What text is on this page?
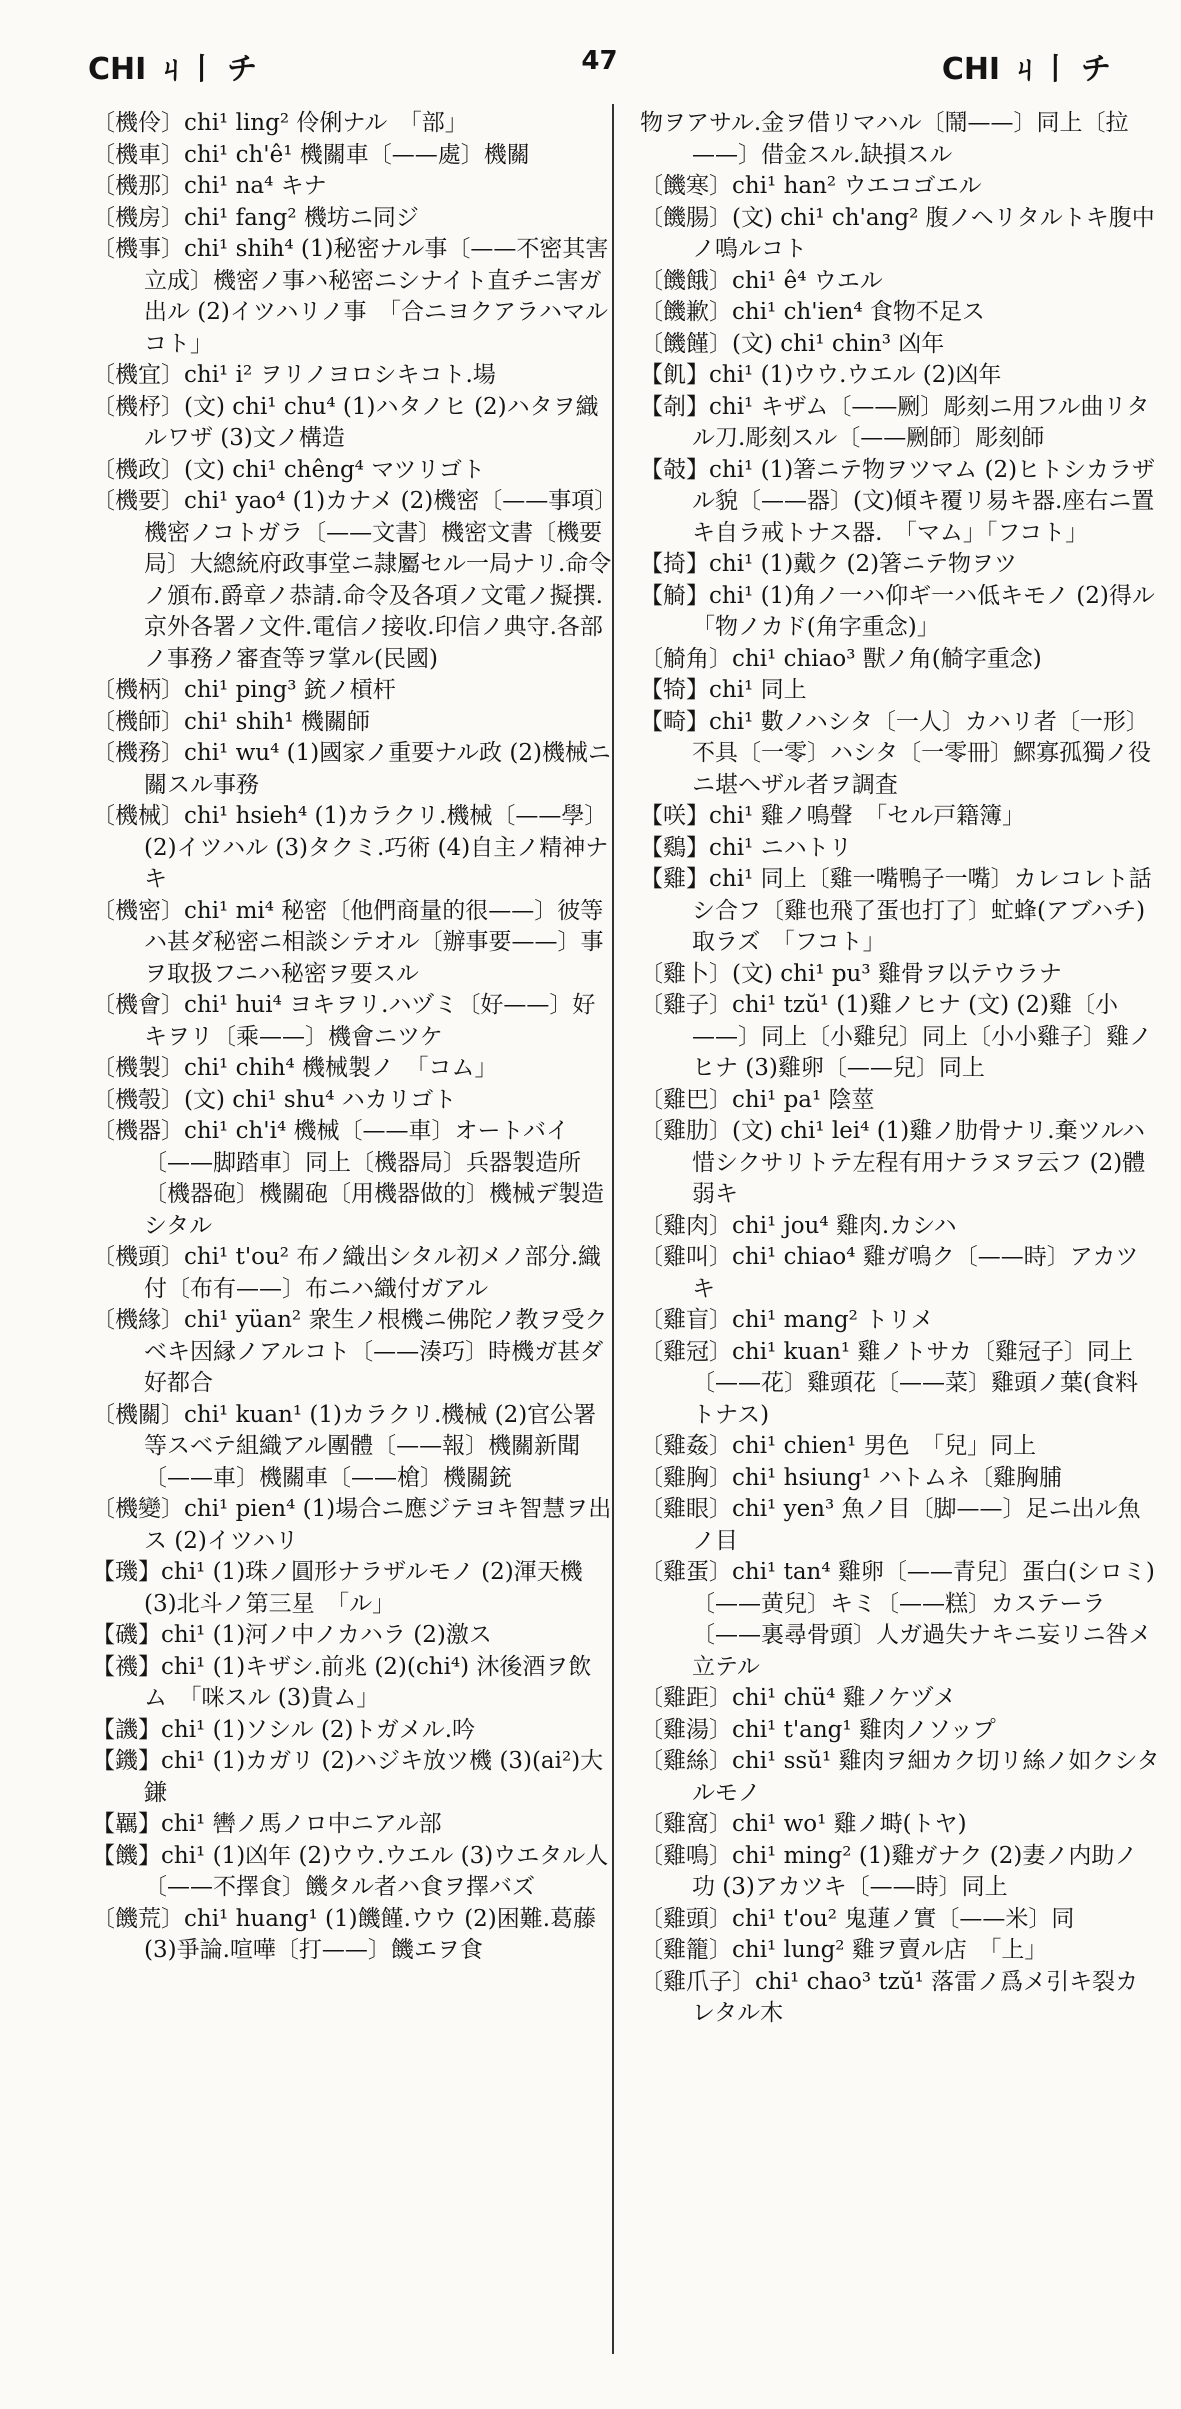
CHI ㄐ丨 チ	47	CHI ㄐ丨 チ
〔機伶〕chi¹ ling² 伶俐ナル　「部」
〔機車〕chi¹ ch'ê¹ 機關車〔——處〕機關
〔機那〕chi¹ na⁴ キナ
〔機房〕chi¹ fang² 機坊ニ同ジ
〔機事〕chi¹ shih⁴ (1)秘密ナル事〔——不密其害立成〕機密ノ事ハ秘密ニシナイト直チニ害ガ出ル (2)イツハリノ事　「合ニヨクアラハマルコト」
〔機宜〕chi¹ i² ヲリノヨロシキコト.場
〔機杼〕(文) chi¹ chu⁴ (1)ハタノヒ (2)ハタヲ織ルワザ (3)文ノ構造
〔機政〕(文) chi¹ chêng⁴ マツリゴト
〔機要〕chi¹ yao⁴ (1)カナメ (2)機密〔——事項〕機密ノコトガラ〔——文書〕機密文書〔機要局〕大總統府政事堂ニ隷屬セル一局ナリ.命令ノ頒布.爵章ノ恭請.命令及各項ノ文電ノ擬撰.京外各署ノ文件.電信ノ接收.印信ノ典守.各部ノ事務ノ審査等ヲ掌ル(民國)
〔機柄〕chi¹ ping³ 銃ノ槓杆
〔機師〕chi¹ shih¹ 機關師
〔機務〕chi¹ wu⁴ (1)國家ノ重要ナル政 (2)機械ニ關スル事務
〔機械〕chi¹ hsieh⁴ (1)カラクリ.機械〔——學〕(2)イツハル (3)タクミ.巧術 (4)自主ノ精神ナキ
〔機密〕chi¹ mi⁴ 秘密〔他們商量的很——〕彼等ハ甚ダ秘密ニ相談シテオル〔辦事要——〕事ヲ取扱フニハ秘密ヲ要スル
〔機會〕chi¹ hui⁴ ヨキヲリ.ハヅミ〔好——〕好キヲリ〔乘——〕機會ニツケ
〔機製〕chi¹ chih⁴ 機械製ノ　「コム」
〔機彀〕(文) chi¹ shu⁴ ハカリゴト
〔機器〕chi¹ ch'i⁴ 機械〔——車〕オートバイ〔——脚踏車〕同上〔機器局〕兵器製造所〔機器砲〕機關砲〔用機器做的〕機械デ製造シタル
〔機頭〕chi¹ t'ou² 布ノ織出シタル初メノ部分.織付〔布有——〕布ニハ織付ガアル
〔機緣〕chi¹ yüan² 衆生ノ根機ニ佛陀ノ教ヲ受クベキ因縁ノアルコト〔——湊巧〕時機ガ甚ダ好都合
〔機關〕chi¹ kuan¹ (1)カラクリ.機械 (2)官公署等スベテ組織アル團體〔——報〕機關新聞〔——車〕機關車〔——槍〕機關銃
〔機變〕chi¹ pien⁴ (1)場合ニ應ジテヨキ智慧ヲ出ス (2)イツハリ
【璣】chi¹ (1)珠ノ圓形ナラザルモノ (2)渾天機 (3)北斗ノ第三星　「ル」
【磯】chi¹ (1)河ノ中ノカハラ (2)激ス
【禨】chi¹ (1)キザシ.前兆 (2)(chi⁴) 沐後酒ヲ飲ム　「咪スル (3)貴ム」
【譏】chi¹ (1)ソシル (2)トガメル.吟
【鐖】chi¹ (1)カガリ (2)ハジキ放ツ機 (3)(ai²)大鎌
【羈】chi¹ 轡ノ馬ノロ中ニアル部
【饑】chi¹ (1)凶年 (2)ウウ.ウエル (3)ウエタル人〔——不擇食〕饑タル者ハ食ヲ擇バズ
〔饑荒〕chi¹ huang¹ (1)饑饉.ウウ (2)困難.葛藤 (3)爭論.喧嘩〔打——〕饑エヲ食
物ヲアサル.金ヲ借リマハル〔鬧——〕同上〔拉——〕借金スル.缺損スル
〔饑寒〕chi¹ han² ウエコゴエル
〔饑腸〕(文) chi¹ ch'ang² 腹ノヘリタルトキ腹中ノ鳴ルコト
〔饑餓〕chi¹ ê⁴ ウエル
〔饑歉〕chi¹ ch'ien⁴ 食物不足ス
〔饑饉〕(文) chi¹ chin³ 凶年
【飢】chi¹ (1)ウウ.ウエル (2)凶年
【剞】chi¹ キザム〔——劂〕彫刻ニ用フル曲リタル刀.彫刻スル〔——劂師〕彫刻師
【攲】chi¹ (1)箸ニテ物ヲツマム (2)ヒトシカラザル貌〔——器〕(文)傾キ覆リ易キ器.座右ニ置キ自ラ戒トナス器.　「マム」「フコト」
【掎】chi¹ (1)戴ク (2)箸ニテ物ヲツ
【觭】chi¹ (1)角ノ一ハ仰ギ一ハ低キモノ (2)得ル　「物ノカド(角字重念)」
〔觭角〕chi¹ chiao³ 獸ノ角(觭字重念)
【犄】chi¹ 同上
【畸】chi¹ 數ノハシタ〔一人〕カハリ者〔一形〕不具〔一零〕ハシタ〔一零冊〕鰥寡孤獨ノ役ニ堪ヘザル者ヲ調査
【咲】chi¹ 雞ノ鳴聲　「セル戸籍簿」
【鷄】chi¹ ニハトリ
【雞】chi¹ 同上〔雞一嘴鴨子一嘴〕カレコレト話シ合フ〔雞也飛了蛋也打了〕虻蜂(アブハチ)取ラズ　「フコト」
〔雞卜〕(文) chi¹ pu³ 雞骨ヲ以テウラナ
〔雞子〕chi¹ tzŭ¹ (1)雞ノヒナ (文) (2)雞〔小——〕同上〔小雞兒〕同上〔小小雞子〕雞ノヒナ (3)雞卵〔——兒〕同上
〔雞巴〕chi¹ pa¹ 陰莖
〔雞肋〕(文) chi¹ lei⁴ (1)雞ノ肋骨ナリ.棄ツルハ惜シクサリトテ左程有用ナラヌヲ云フ (2)體弱キ
〔雞肉〕chi¹ jou⁴ 雞肉.カシハ
〔雞叫〕chi¹ chiao⁴ 雞ガ鳴ク〔——時〕アカツキ
〔雞盲〕chi¹ mang² トリメ
〔雞冠〕chi¹ kuan¹ 雞ノトサカ〔雞冠子〕同上〔——花〕雞頭花〔——菜〕雞頭ノ葉(食料トナス)
〔雞姦〕chi¹ chien¹ 男色　「兒」同上
〔雞胸〕chi¹ hsiung¹ ハトムネ〔雞胸脯
〔雞眼〕chi¹ yen³ 魚ノ目〔脚——〕足ニ出ル魚ノ目
〔雞蛋〕chi¹ tan⁴ 雞卵〔——青兒〕蛋白(シロミ)〔——黄兒〕キミ〔——糕〕カステーラ〔——裏尋骨頭〕人ガ過失ナキニ妄リニ咎メ立テル
〔雞距〕chi¹ chü⁴ 雞ノケヅメ
〔雞湯〕chi¹ t'ang¹ 雞肉ノソップ
〔雞絲〕chi¹ ssŭ¹ 雞肉ヲ細カク切リ絲ノ如クシタルモノ
〔雞窩〕chi¹ wo¹ 雞ノ塒(トヤ)
〔雞鳴〕chi¹ ming² (1)雞ガナク (2)妻ノ内助ノ功 (3)アカツキ〔——時〕同上
〔雞頭〕chi¹ t'ou² 鬼蓮ノ實〔——米〕同
〔雞籠〕chi¹ lung² 雞ヲ賣ル店　「上」
〔雞爪子〕chi¹ chao³ tzŭ¹ 落雷ノ爲メ引キ裂カレタル木
